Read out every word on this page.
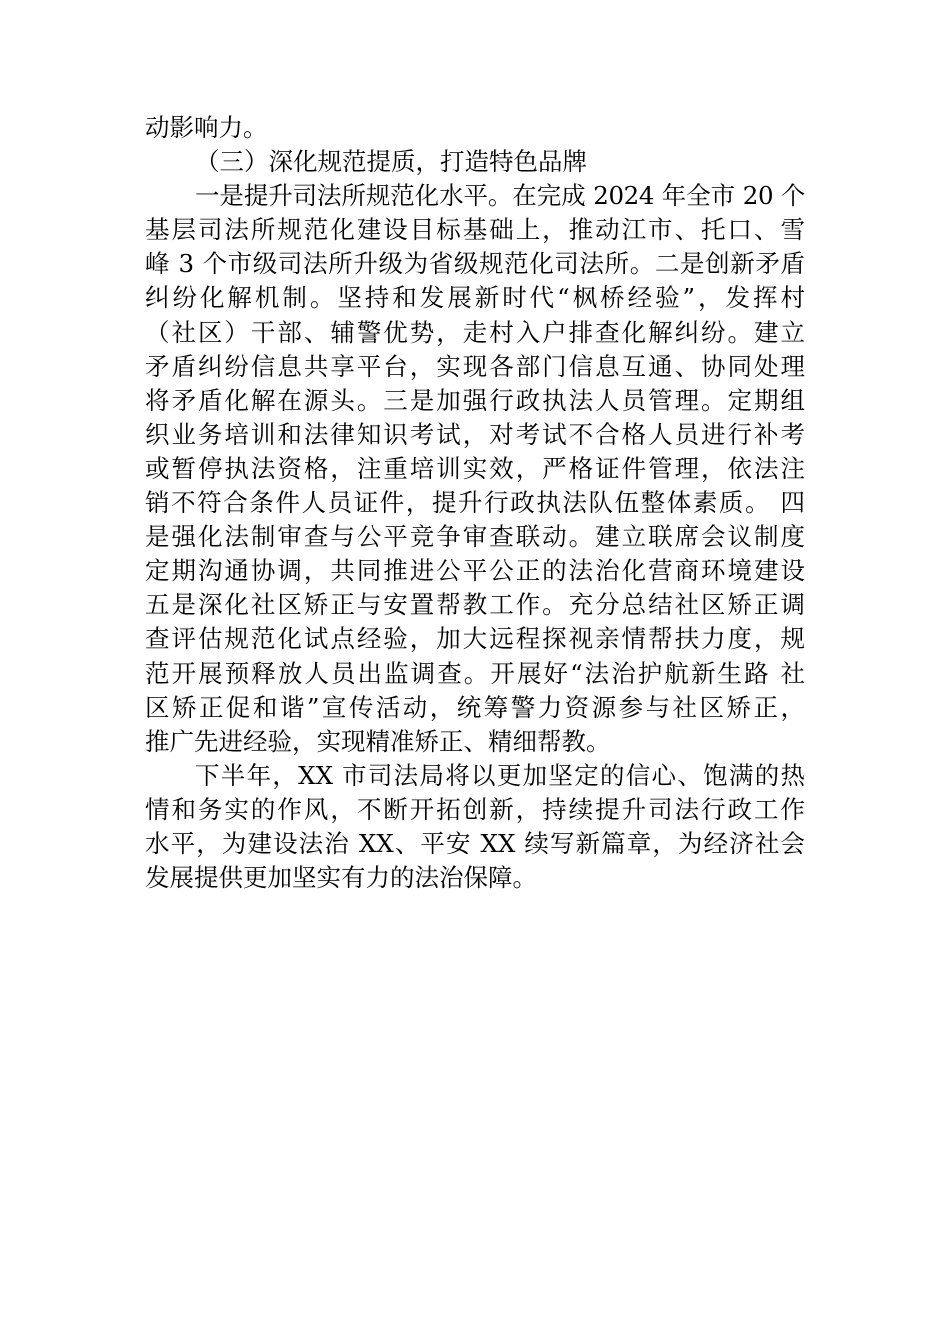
动影响力。
（三）深化规范提质，打造特色品牌
一是提升司法所规范化水平。在完成 2024 年全市 20 个
基层司法所规范化建设目标基础上，推动江市、托口、雪
峰 3 个市级司法所升级为省级规范化司法所。二是创新矛盾
纠纷化解机制。坚持和发展新时代“枫桥经验”，发挥村
（社区）干部、辅警优势，走村入户排查化解纠纷。建立
矛盾纠纷信息共享平台，实现各部门信息互通、协同处理
将矛盾化解在源头。三是加强行政执法人员管理。定期组
织业务培训和法律知识考试，对考试不合格人员进行补考
或暂停执法资格，注重培训实效，严格证件管理，依法注
销不符合条件人员证件，提升行政执法队伍整体素质。 四
是强化法制审查与公平竞争审查联动。建立联席会议制度
定期沟通协调，共同推进公平公正的法治化营商环境建设
五是深化社区矫正与安置帮教工作。充分总结社区矫正调
查评估规范化试点经验，加大远程探视亲情帮扶力度，规
范开展预释放人员出监调查。开展好“法治护航新生路 社
区矫正促和谐”宣传活动，统筹警力资源参与社区矫正，
推广先进经验，实现精准矫正、精细帮教。
下半年，XX 市司法局将以更加坚定的信心、饱满的热
情和务实的作风，不断开拓创新，持续提升司法行政工作
水平，为建设法治 XX、平安 XX 续写新篇章，为经济社会
发展提供更加坚实有力的法治保障。
